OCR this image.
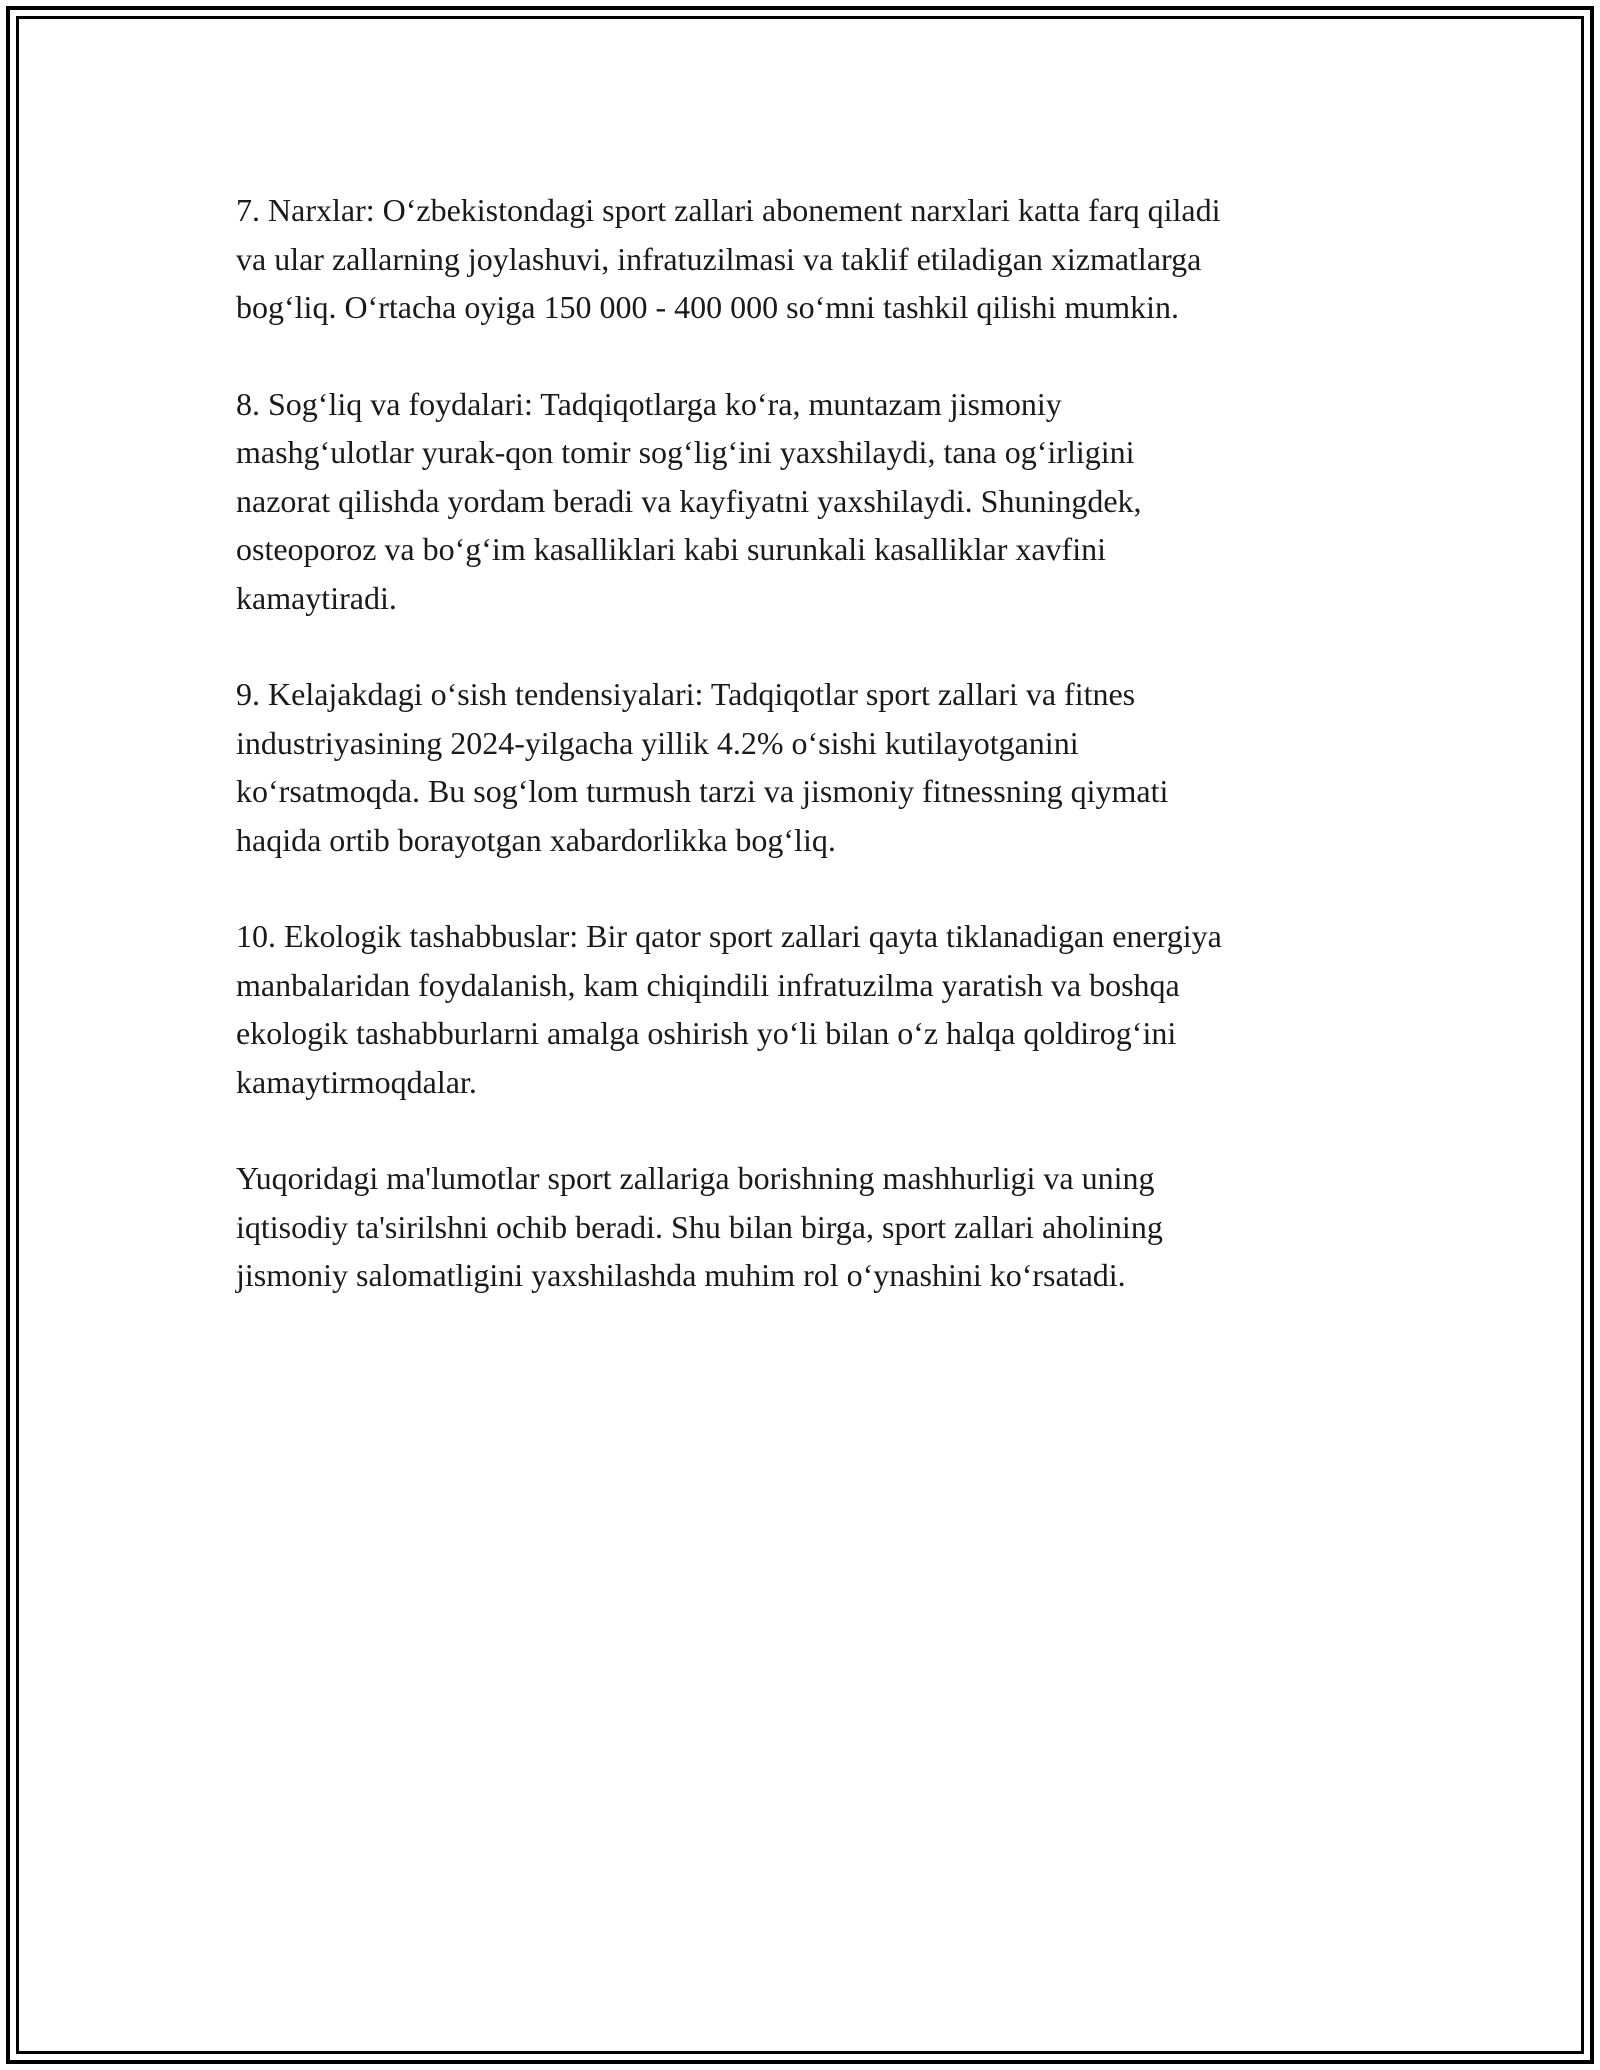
7. Narxlar: O‘zbekistondagi sport zallari abonement narxlari katta farq qiladi
va ular zallarning joylashuvi, infratuzilmasi va taklif etiladigan xizmatlarga
bog‘liq. O‘rtacha oyiga 150 000 - 400 000 so‘mni tashkil qilishi mumkin.

8. Sog‘liq va foydalari: Tadqiqotlarga ko‘ra, muntazam jismoniy
mashg‘ulotlar yurak-qon tomir sog‘lig‘ini yaxshilaydi, tana og‘irligini
nazorat qilishda yordam beradi va kayfiyatni yaxshilaydi. Shuningdek,
osteoporoz va bo‘g‘im kasalliklari kabi surunkali kasalliklar xavfini
kamaytiradi.

9. Kelajakdagi o‘sish tendensiyalari: Tadqiqotlar sport zallari va fitnes
industriyasining 2024-yilgacha yillik 4.2% o‘sishi kutilayotganini
ko‘rsatmoqda. Bu sog‘lom turmush tarzi va jismoniy fitnessning qiymati
haqida ortib borayotgan xabardorlikka bog‘liq.

10. Ekologik tashabbuslar: Bir qator sport zallari qayta tiklanadigan energiya
manbalaridan foydalanish, kam chiqindili infratuzilma yaratish va boshqa
ekologik tashabburlarni amalga oshirish yo‘li bilan o‘z halqa qoldirog‘ini
kamaytirmoqdalar.

Yuqoridagi ma'lumotlar sport zallariga borishning mashhurligi va uning
iqtisodiy ta'sirilshni ochib beradi. Shu bilan birga, sport zallari aholining
jismoniy salomatligini yaxshilashda muhim rol o‘ynashini ko‘rsatadi.
